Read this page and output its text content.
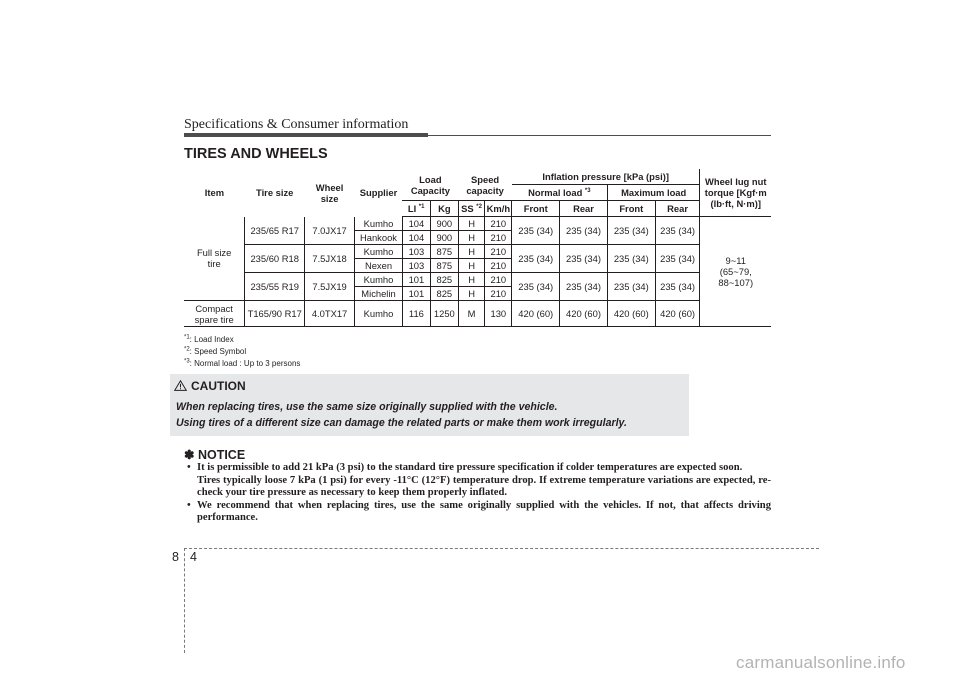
Specifications & Consumer information
TIRES AND WHEELS
Item	Tire size	Wheel size	Supplier	Load Capacity		Speed capacity		Inflation pressure [kPa (psi)]				Wheel lug nut torque [Kgf·m (lb·ft, N·m)]
								Normal load $^{*3}$		Maximum load		
				LI $^{*1}$	Kg	SS $^{*2}$	Km/h	Front	Rear	Front	Rear	
Full size tire	235/65 R17	7.0JX17	Kumho	104	900	H	210	235 (34)	235 (34)	235 (34)	235 (34)	9~11 (65~79, 88~107)
			Hankook	104	900	H	210					
	235/60 R18	7.5JX18	Kumho	103	875	H	210	235 (34)	235 (34)	235 (34)	235 (34)	
			Nexen	103	875	H	210					
	235/55 R19	7.5JX19	Kumho	101	825	H	210	235 (34)	235 (34)	235 (34)	235 (34)	
			Michelin	101	825	H	210					
Compact spare tire	T165/90 R17	4.0TX17	Kumho	116	1250	M	130	420 (60)	420 (60)	420 (60)	420 (60)	
$^{*1}$: Load Index
$^{*2}$: Speed Symbol
$^{*3}$: Normal load : Up to 3 persons
CAUTION
When replacing tires, use the same size originally supplied with the vehicle.
Using tires of a different size can damage the related parts or make them work irregularly.
✽ NOTICE
• It is permissible to add 21 kPa (3 psi) to the standard tire pressure specification if colder temperatures are expected soon.
Tires typically loose 7 kPa (1 psi) for every -11°C (12°F) temperature drop. If extreme temperature variations are expected, re-check your tire pressure as necessary to keep them properly inflated.
• We recommend that when replacing tires, use the same originally supplied with the vehicles. If not, that affects driving performance.
8 4
carmanualsonline.info
